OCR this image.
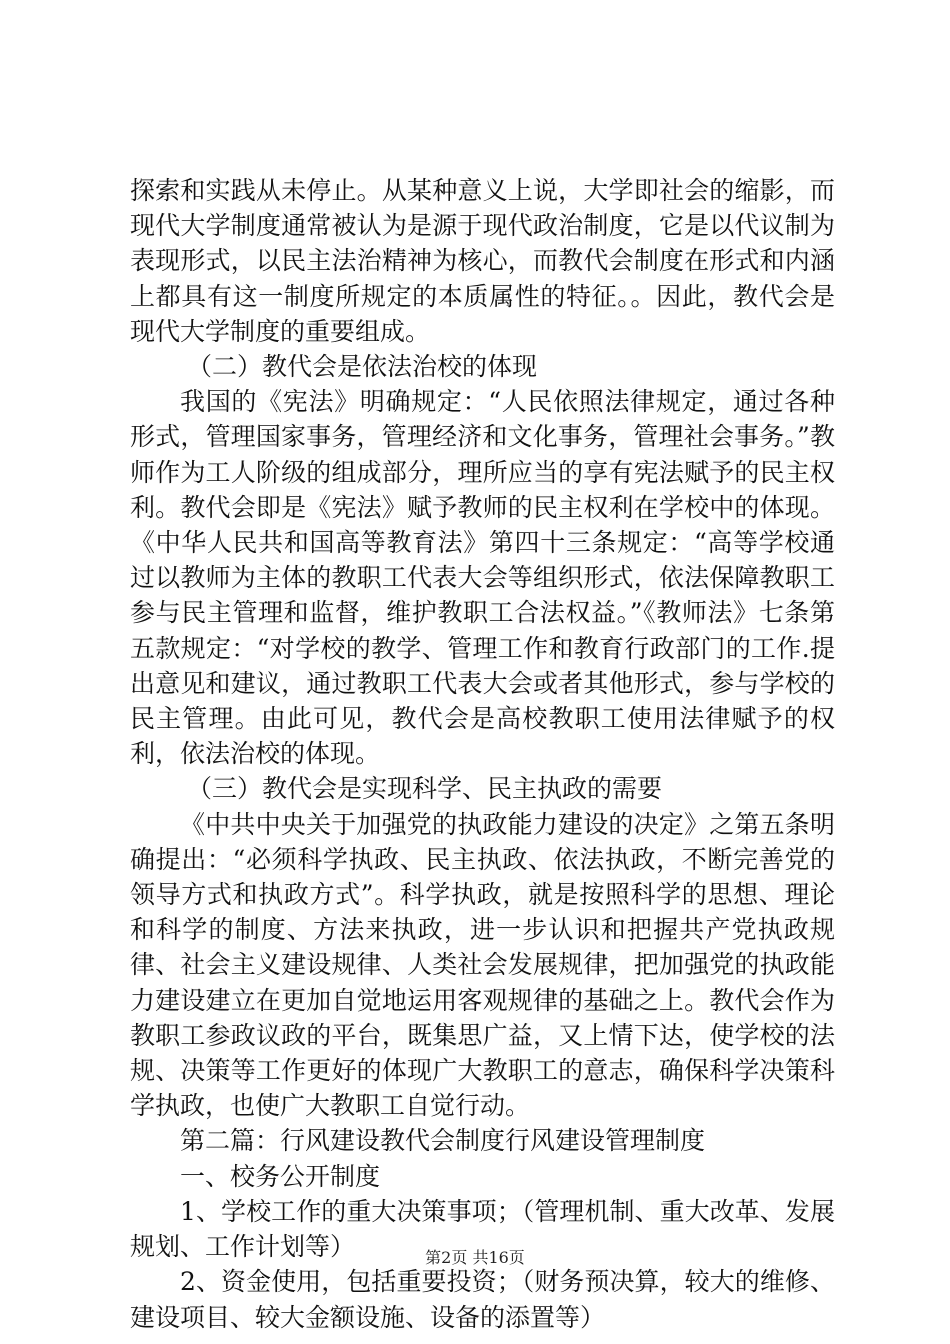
探索和实践从未停止。从某种意义上说，大学即社会的缩影，而现代大学制度通常被认为是源于现代政治制度，它是以代议制为表现形式，以民主法治精神为核心，而教代会制度在形式和内涵上都具有这一制度所规定的本质属性的特征。。因此，教代会是现代大学制度的重要组成。

（二）教代会是依法治校的体现

我国的《宪法》明确规定：“人民依照法律规定，通过各种形式，管理国家事务，管理经济和文化事务，管理社会事务。”教师作为工人阶级的组成部分，理所应当的享有宪法赋予的民主权利。教代会即是《宪法》赋予教师的民主权利在学校中的体现。《中华人民共和国高等教育法》第四十三条规定：“高等学校通过以教师为主体的教职工代表大会等组织形式，依法保障教职工参与民主管理和监督，维护教职工合法权益。”《教师法》七条第五款规定：“对学校的教学、管理工作和教育行政部门的工作.提出意见和建议，通过教职工代表大会或者其他形式，参与学校的民主管理。由此可见，教代会是高校教职工使用法律赋予的权利，依法治校的体现。

（三）教代会是实现科学、民主执政的需要

《中共中央关于加强党的执政能力建设的决定》之第五条明确提出：“必须科学执政、民主执政、依法执政，不断完善党的领导方式和执政方式”。科学执政，就是按照科学的思想、理论和科学的制度、方法来执政，进一步认识和把握共产党执政规律、社会主义建设规律、人类社会发展规律，把加强党的执政能力建设建立在更加自觉地运用客观规律的基础之上。教代会作为教职工参政议政的平台，既集思广益，又上情下达，使学校的法规、决策等工作更好的体现广大教职工的意志，确保科学决策科学执政，也使广大教职工自觉行动。

第二篇：行风建设教代会制度行风建设管理制度

一、校务公开制度

1、学校工作的重大决策事项；（管理机制、重大改革、发展规划、工作计划等）

2、资金使用，包括重要投资；（财务预决算，较大的维修、建设项目、较大金额设施、设备的添置等）

第2页 共16页
